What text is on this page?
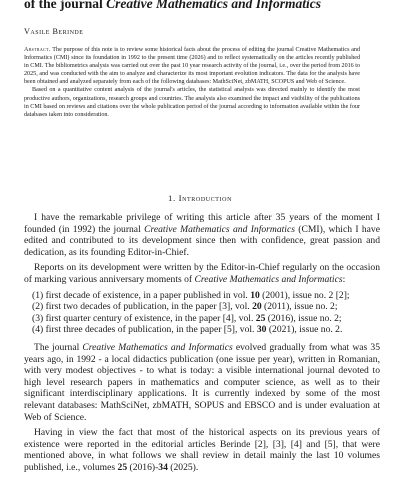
of the journal Creative Mathematics and Informatics
Vasile Berinde

Abstract. The purpose of this note is to review some historical facts about the process of editing the journal Creative Mathematics and Informatics (CMI) since its foundation in 1992 to the present time (2026) and to reflect systematically on the articles recently published in CMI. The bibliometrics analysis was carried out over the past 10 year research activity of the journal, i.e., over the period from 2016 to 2025, and was conducted with the aim to analyze and characterize its most important evolution indicators. The data for the analysis have been obtained and analyzed separately from each of the following databases: MathSciNet, zbMATH, SCOPUS and Web of Science.

Based on a quantitative content analysis of the journal's articles, the statistical analysis was directed mainly to identify the most productive authors, organizations, research groups and countries. The analysis also examined the impact and visibility of the publications in CMI based on reviews and citations over the whole publication period of the journal according to information available within the four databases taken into consideration.

1. Introduction

I have the remarkable privilege of writing this article after 35 years of the moment I founded (in 1992) the journal Creative Mathematics and Informatics (CMI), which I have edited and contributed to its development since then with confidence, great passion and dedication, as its founding Editor-in-Chief.

Reports on its development were written by the Editor-in-Chief regularly on the occasion of marking various anniversary moments of Creative Mathematics and Informatics:

(1) first decade of existence, in a paper published in vol. 10 (2001), issue no. 2 [2];
(2) first two decades of publication, in the paper [3], vol. 20 (2011), issue no. 2;
(3) first quarter century of existence, in the paper [4], vol. 25 (2016), issue no. 2;
(4) first three decades of publication, in the paper [5], vol. 30 (2021), issue no. 2.

The journal Creative Mathematics and Informatics evolved gradually from what was 35 years ago, in 1992 - a local didactics publication (one issue per year), written in Romanian, with very modest objectives - to what is today: a visible international journal devoted to high level research papers in mathematics and computer science, as well as to their significant interdisciplinary applications. It is currently indexed by some of the most relevant databases: MathSciNet, zbMATH, SOPUS and EBSCO and is under evaluation at Web of Science.

Having in view the fact that most of the historical aspects on its previous years of existence were reported in the editorial articles Berinde [2], [3], [4] and [5], that were mentioned above, in what follows we shall review in detail mainly the last 10 volumes published, i.e., volumes 25 (2016)-34 (2025).
